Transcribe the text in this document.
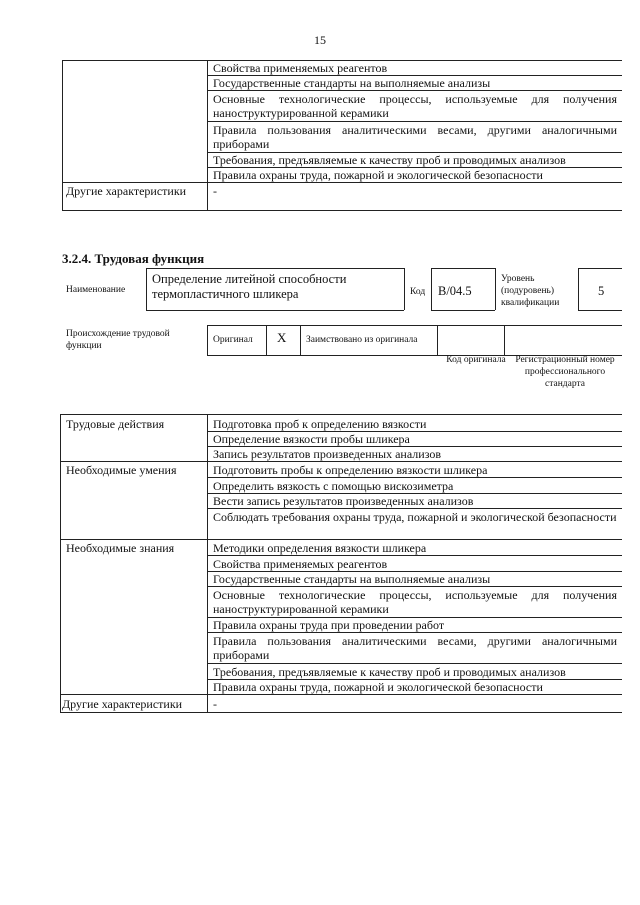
15
Свойства применяемых реагентов
Государственные стандарты на выполняемые анализы
Основные технологические процессы, используемые для получения наноструктурированной керамики
Правила пользования аналитическими весами, другими аналогичными приборами
Требования, предъявляемые к качеству проб и проводимых анализов
Правила охраны труда, пожарной и экологической безопасности
Другие характеристики -
3.2.4. Трудовая функция
Наименование
Определение литейной способности термопластичного шликера	Код B/04.5
Уровень (подуровень) квалификации
5
Происхождение трудовой функции
Оригинал X Заимствовано из оригинала
Код оригинала	Регистрационный номер профессионального стандарта
Трудовые действия	Подготовка проб к определению вязкости
Определение вязкости пробы шликера
Запись результатов произведенных анализов
Необходимые умения	Подготовить пробы к определению вязкости шликера
Определить вязкость с помощью вискозиметра
Вести запись результатов произведенных анализов
Соблюдать требования охраны труда, пожарной и экологической безопасности
Необходимые знания	Методики определения вязкости шликера
Свойства применяемых реагентов
Государственные стандарты на выполняемые анализы
Основные технологические процессы, используемые для получения наноструктурированной керамики
Правила охраны труда при проведении работ
Правила пользования аналитическими весами, другими аналогичными приборами
Требования, предъявляемые к качеству проб и проводимых анализов
Правила охраны труда, пожарной и экологической безопасности
Другие характеристики	-
